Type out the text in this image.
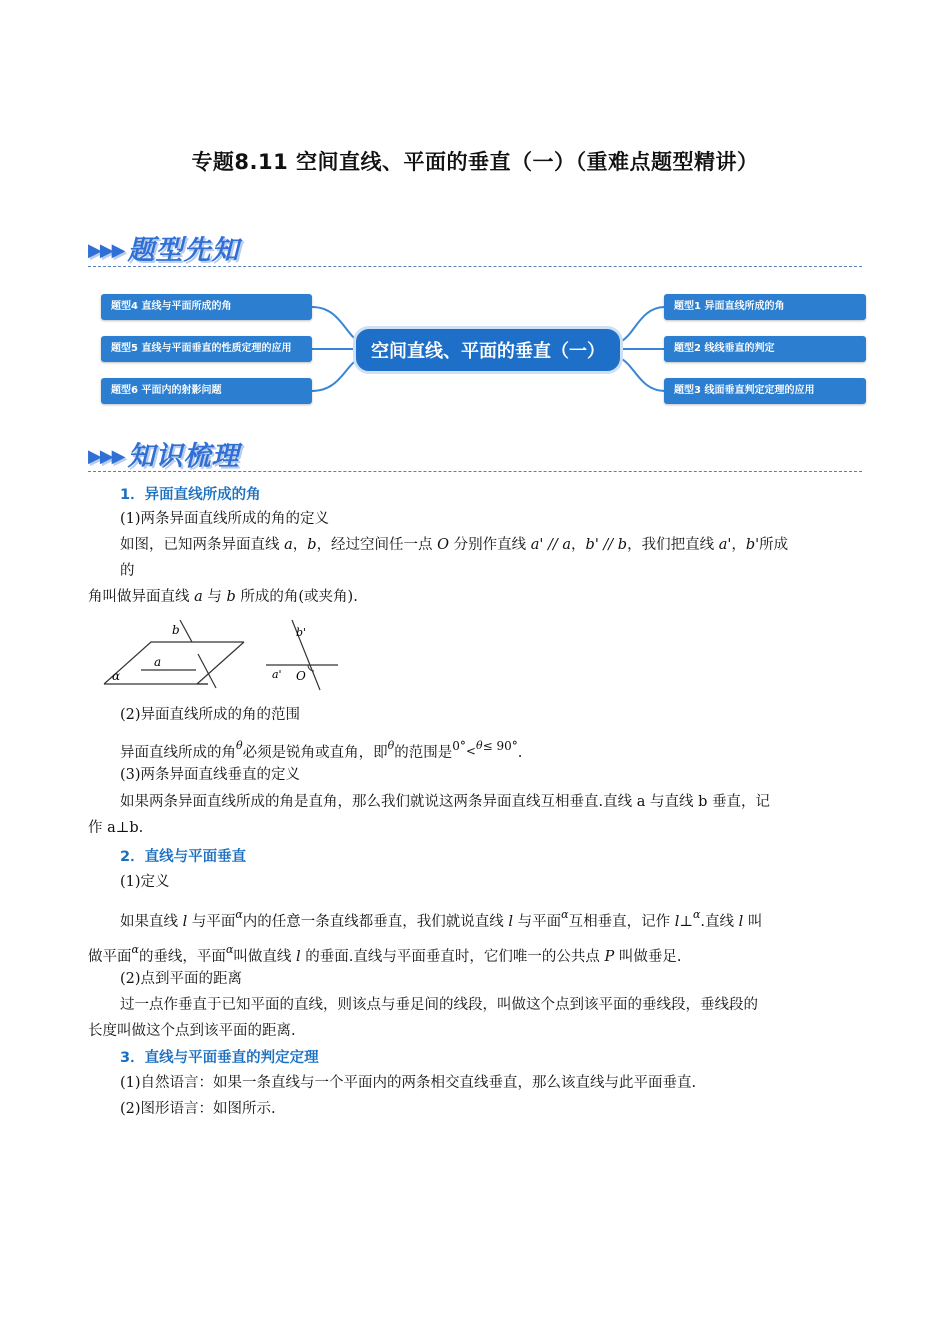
专题8.11 空间直线、平面的垂直（一）（重难点题型精讲）
▶▶▶ 题型先知
题型4 直线与平面所成的角
题型5 直线与平面垂直的性质定理的应用
题型6 平面内的射影问题
空间直线、平面的垂直（一）
题型1 异面直线所成的角
题型2 线线垂直的判定
题型3 线面垂直判定定理的应用
▶▶▶ 知识梳理
1．异面直线所成的角
(1)两条异面直线所成的角的定义
如图，已知两条异面直线 a，b，经过空间任一点 O 分别作直线 a' // a，b' // b，我们把直线 a'，b'所成
的
角叫做异面直线 a 与 b 所成的角(或夹角).
b
a
α
b'
a' O
(2)异面直线所成的角的范围
异面直线所成的角$^\theta$必须是锐角或直角，即$^\theta$的范围是$^{0^\circ}$<$^{\theta\le 90^\circ}$.
(3)两条异面直线垂直的定义
如果两条异面直线所成的角是直角，那么我们就说这两条异面直线互相垂直.直线 a 与直线 b 垂直，记
作 a⊥b.
2．直线与平面垂直
(1)定义
如果直线 l 与平面$^\alpha$内的任意一条直线都垂直，我们就说直线 l 与平面$^\alpha$互相垂直，记作 l⊥$^\alpha$.直线 l 叫
做平面$^\alpha$的垂线，平面$^\alpha$叫做直线 l 的垂面.直线与平面垂直时，它们唯一的公共点 P 叫做垂足.
(2)点到平面的距离
过一点作垂直于已知平面的直线，则该点与垂足间的线段，叫做这个点到该平面的垂线段，垂线段的
长度叫做这个点到该平面的距离.
3．直线与平面垂直的判定定理
(1)自然语言：如果一条直线与一个平面内的两条相交直线垂直，那么该直线与此平面垂直.
(2)图形语言：如图所示.
